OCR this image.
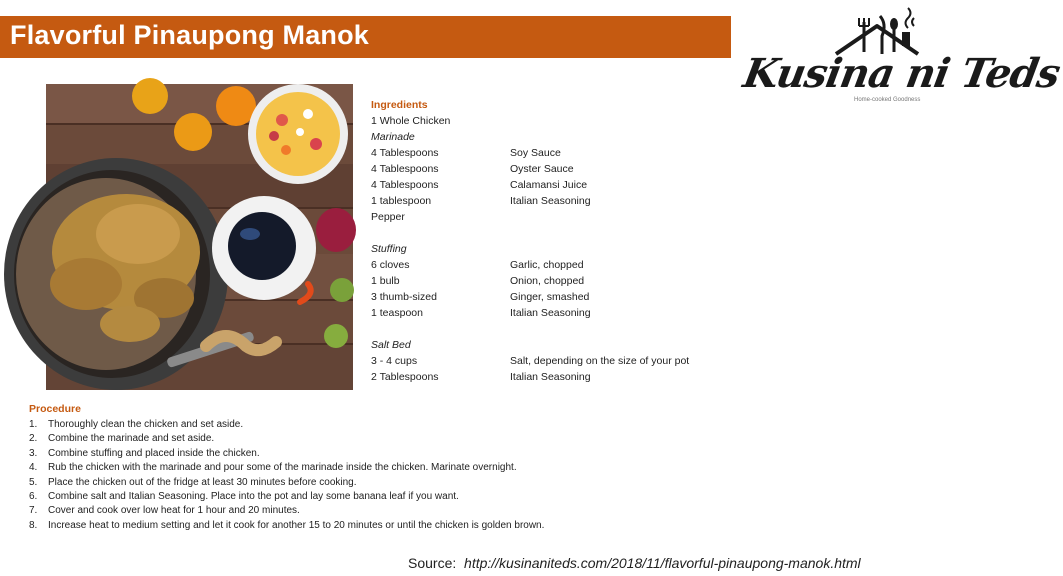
Flavorful Pinaupong Manok
Kusina ni Teds
Home-cooked Goodness
Ingredients
1 Whole Chicken
Marinade
4 Tablespoons	Soy Sauce
4 Tablespoons	Oyster Sauce
4 Tablespoons	Calamansi Juice
1 tablespoon	Italian Seasoning
Pepper
Stuffing
6 cloves	Garlic, chopped
1 bulb	Onion, chopped
3 thumb-sized	Ginger, smashed
1 teaspoon	Italian Seasoning
Salt Bed
3 - 4 cups	Salt, depending on the size of your pot
2 Tablespoons	Italian Seasoning
Procedure
1. Thoroughly clean the chicken and set aside.
2. Combine the marinade and set aside.
3. Combine stuffing and placed inside the chicken.
4. Rub the chicken with the marinade and pour some of the marinade inside the chicken. Marinate overnight.
5. Place the chicken out of the fridge at least 30 minutes before cooking.
6. Combine salt and Italian Seasoning. Place into the pot and lay some banana leaf if you want.
7. Cover and cook over low heat for 1 hour and 20 minutes.
8. Increase heat to medium setting and let it cook for another 15 to 20 minutes or until the chicken is golden brown.
Source: http://kusinaniteds.com/2018/11/flavorful-pinaupong-manok.html
